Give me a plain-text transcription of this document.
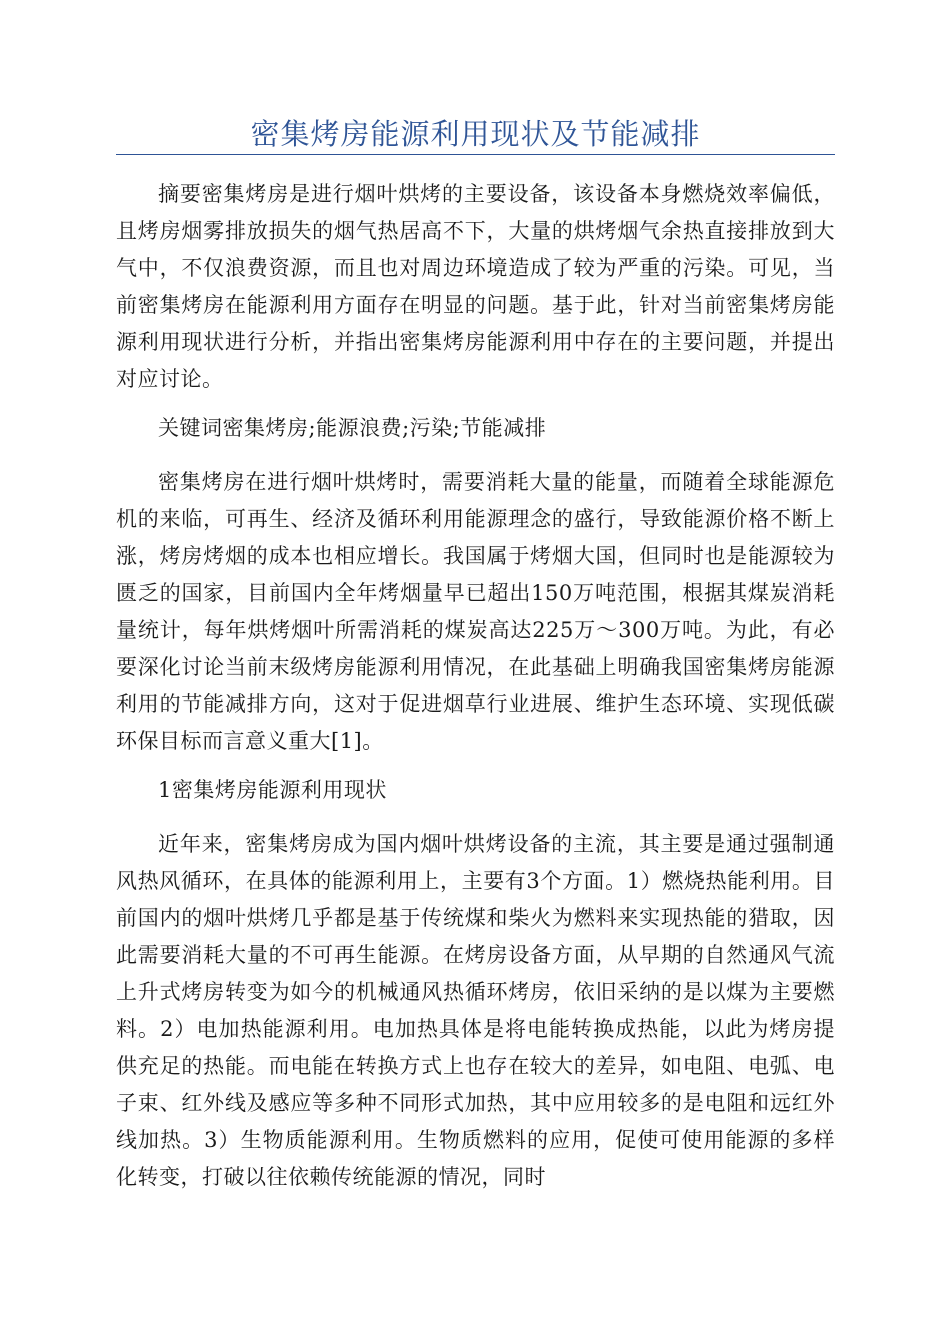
密集烤房能源利用现状及节能减排

摘要密集烤房是进行烟叶烘烤的主要设备，该设备本身燃烧效率偏低，且烤房烟雾排放损失的烟气热居高不下，大量的烘烤烟气余热直接排放到大气中，不仅浪费资源，而且也对周边环境造成了较为严重的污染。可见，当前密集烤房在能源利用方面存在明显的问题。基于此，针对当前密集烤房能源利用现状进行分析，并指出密集烤房能源利用中存在的主要问题，并提出对应讨论。

关键词密集烤房;能源浪费;污染;节能减排

密集烤房在进行烟叶烘烤时，需要消耗大量的能量，而随着全球能源危机的来临，可再生、经济及循环利用能源理念的盛行，导致能源价格不断上涨，烤房烤烟的成本也相应增长。我国属于烤烟大国，但同时也是能源较为匮乏的国家，目前国内全年烤烟量早已超出150万吨范围，根据其煤炭消耗量统计，每年烘烤烟叶所需消耗的煤炭高达225万～300万吨。为此，有必要深化讨论当前末级烤房能源利用情况，在此基础上明确我国密集烤房能源利用的节能减排方向，这对于促进烟草行业进展、维护生态环境、实现低碳环保目标而言意义重大[1]。

1密集烤房能源利用现状

近年来，密集烤房成为国内烟叶烘烤设备的主流，其主要是通过强制通风热风循环，在具体的能源利用上，主要有3个方面。1）燃烧热能利用。目前国内的烟叶烘烤几乎都是基于传统煤和柴火为燃料来实现热能的猎取，因此需要消耗大量的不可再生能源。在烤房设备方面，从早期的自然通风气流上升式烤房转变为如今的机械通风热循环烤房，依旧采纳的是以煤为主要燃料。2）电加热能源利用。电加热具体是将电能转换成热能，以此为烤房提供充足的热能。而电能在转换方式上也存在较大的差异，如电阻、电弧、电子束、红外线及感应等多种不同形式加热，其中应用较多的是电阻和远红外线加热。3）生物质能源利用。生物质燃料的应用，促使可使用能源的多样化转变，打破以往依赖传统能源的情况，同时
